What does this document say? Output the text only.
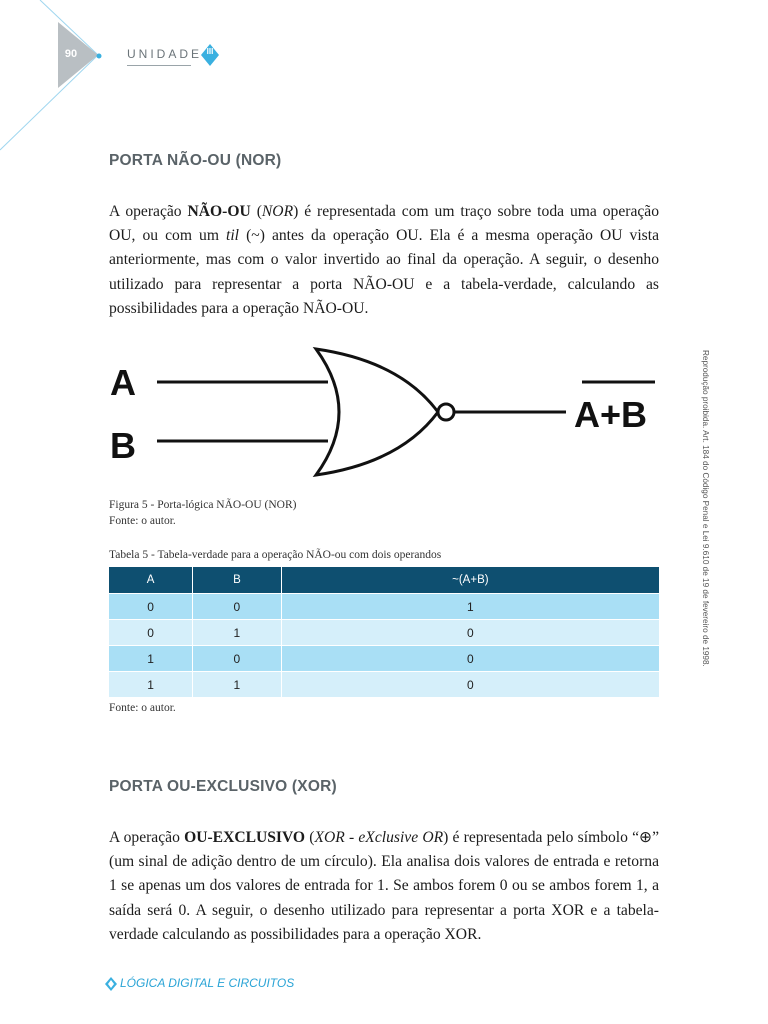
90	UNIDADE III
PORTA NÃO-OU (NOR)

A operação NÃO-OU (NOR) é representada com um traço sobre toda uma operação OU, ou com um til (~) antes da operação OU. Ela é a mesma operação OU vista anteriormente, mas com o valor invertido ao final da operação. A seguir, o desenho utilizado para representar a porta NÃO-OU e a tabela-verdade, calculando as possibilidades para a operação NÃO-OU.

A
B
A+B
Figura 5 - Porta-lógica NÃO-OU (NOR)
Fonte: o autor.
Tabela 5 - Tabela-verdade para a operação NÃO-ou com dois operandos
A	B	~(A+B)
0	0	1
0	1	0
1	0	0
1	1	0
Fonte: o autor.
PORTA OU-EXCLUSIVO (XOR)

A operação OU-EXCLUSIVO (XOR - eXclusive OR) é representada pelo símbolo “⊕” (um sinal de adição dentro de um círculo). Ela analisa dois valores de entrada e retorna 1 se apenas um dos valores de entrada for 1. Se ambos forem 0 ou se ambos forem 1, a saída será 0. A seguir, o desenho utilizado para representar a porta XOR e a tabela-verdade calculando as possibilidades para a operação XOR.

Reprodução proibida. Art. 184 do Código Penal e Lei 9.610 de 19 de fevereiro de 1998.
LÓGICA DIGITAL E CIRCUITOS
